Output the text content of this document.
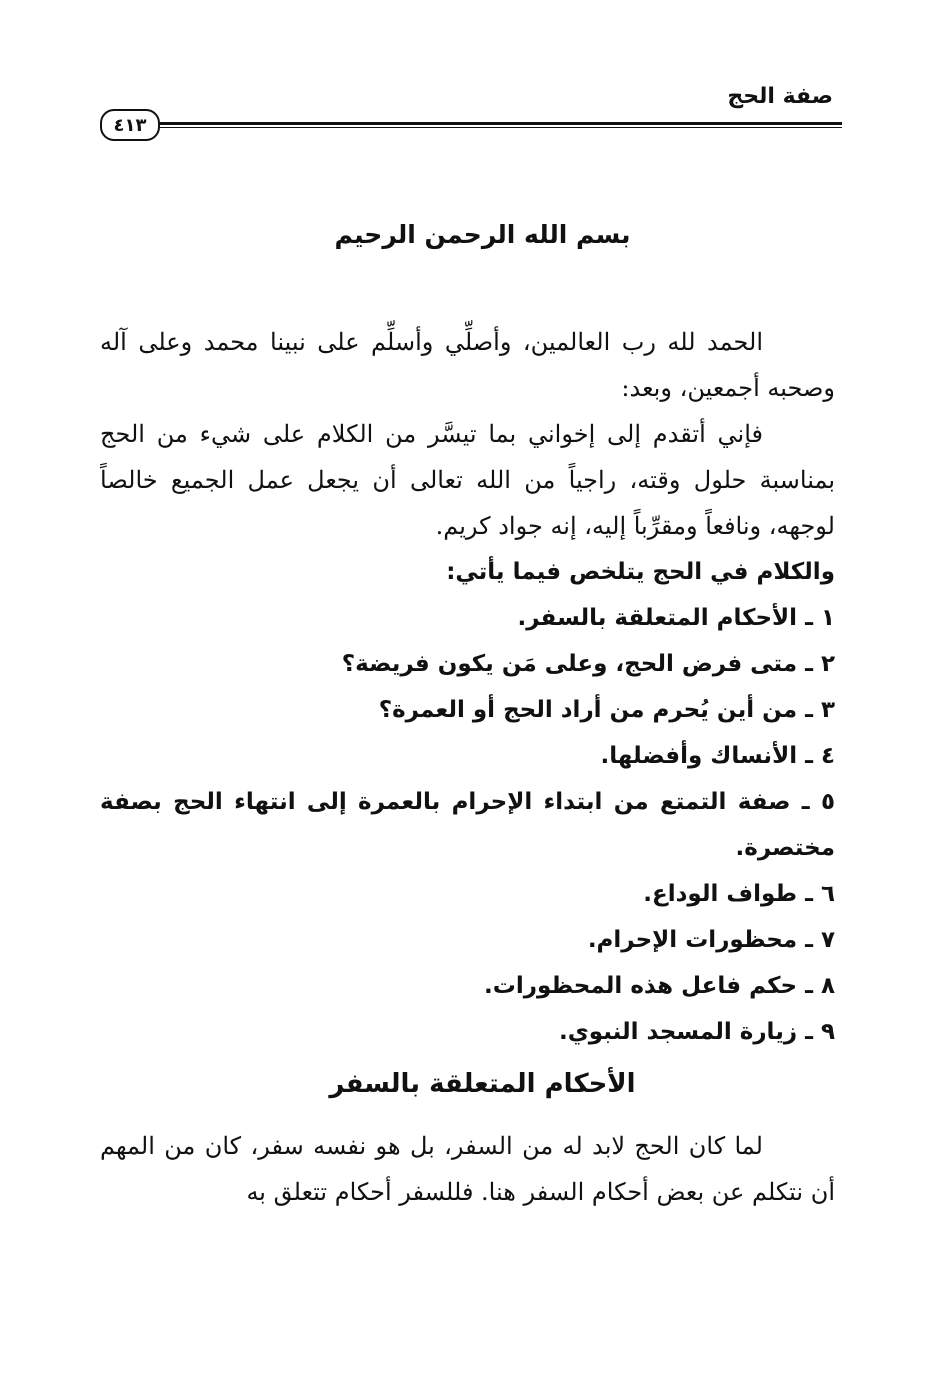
صفة الحج
٤١٣
بسم الله الرحمن الرحيم

الحمد لله رب العالمين، وأصلِّي وأسلِّم على نبينا محمد وعلى آله وصحبه أجمعين، وبعد:

فإني أتقدم إلى إخواني بما تيسَّر من الكلام على شيء من الحج بمناسبة حلول وقته، راجياً من الله تعالى أن يجعل عمل الجميع خالصاً لوجهه، ونافعاً ومقرِّباً إليه، إنه جواد كريم.

والكلام في الحج يتلخص فيما يأتي:

١ ـ الأحكام المتعلقة بالسفر.
٢ ـ متى فرض الحج، وعلى مَن يكون فريضة؟
٣ ـ من أين يُحرم من أراد الحج أو العمرة؟
٤ ـ الأنساك وأفضلها.
٥ ـ صفة التمتع من ابتداء الإحرام بالعمرة إلى انتهاء الحج بصفة مختصرة.
٦ ـ طواف الوداع.
٧ ـ محظورات الإحرام.
٨ ـ حكم فاعل هذه المحظورات.
٩ ـ زيارة المسجد النبوي.
الأحكام المتعلقة بالسفر

لما كان الحج لابد له من السفر، بل هو نفسه سفر، كان من المهم أن نتكلم عن بعض أحكام السفر هنا. فللسفر أحكام تتعلق به
